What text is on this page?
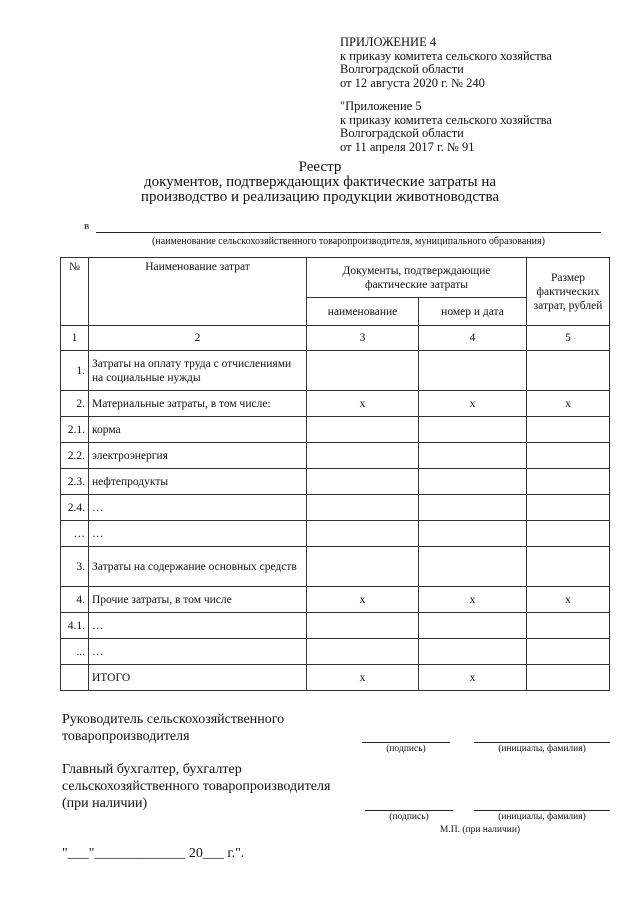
ПРИЛОЖЕНИЕ 4
к приказу комитета сельского хозяйства
Волгоградской области
от 12 августа 2020 г. № 240
"Приложение 5
к приказу комитета сельского хозяйства
Волгоградской области
от 11 апреля 2017 г. № 91
Реестр
документов, подтверждающих фактические затраты на
производство и реализацию продукции животноводства
в
(наименование сельскохозяйственного товаропроизводителя, муниципального образования)
№	Наименование затрат	Документы, подтверждающие фактические затраты		Размер фактических затрат, рублей
		наименование	номер и дата	
1	2	3	4	5
1.	Затраты на оплату труда с отчислениями на социальные нужды			
2.	Материальные затраты, в том числе:	x	x	x
2.1.	корма			
2.2.	электроэнергия			
2.3.	нефтепродукты			
2.4.	…			
…	…			
3.	Затраты на содержание основных средств			
4.	Прочие затраты, в том числе	x	x	x
4.1.	…			
...	…			
	ИТОГО	x	x	
Руководитель сельскохозяйственного
товаропроизводителя
(подпись)	(инициалы, фамилия)
Главный бухгалтер, бухгалтер
сельскохозяйственного товаропроизводителя
(при наличии)
(подпись)	(инициалы, фамилия)
М.П. (при наличии)
"___"_____________ 20___ г.".
